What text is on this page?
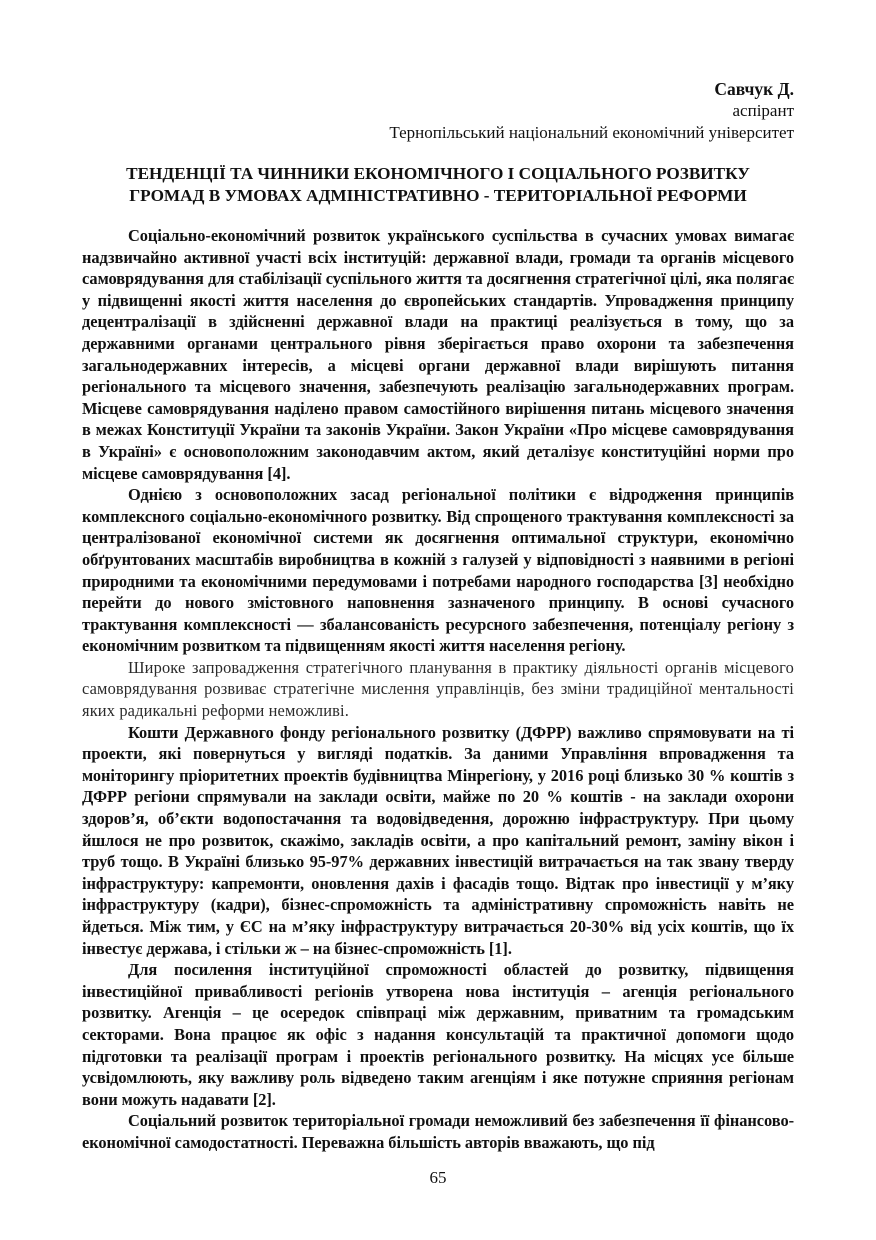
Савчук Д.
аспірант
Тернопільський національний економічний університет
ТЕНДЕНЦІЇ ТА ЧИННИКИ ЕКОНОМІЧНОГО І СОЦІАЛЬНОГО РОЗВИТКУ
ГРОМАД В УМОВАХ АДМІНІСТРАТИВНО - ТЕРИТОРІАЛЬНОЇ РЕФОРМИ

Соціально-економічний розвиток українського суспільства в сучасних умовах вимагає надзвичайно активної участі всіх інституцій: державної влади, громади та органів місцевого самоврядування для стабілізації суспільного життя та досягнення стратегічної цілі, яка полягає у підвищенні якості життя населення до європейських стандартів. Упровадження принципу децентралізації в здійсненні державної влади на практиці реалізується в тому, що за державними органами центрального рівня зберігається право охорони та забезпечення загальнодержавних інтересів, а місцеві органи державної влади вирішують питання регіонального та місцевого значення, забезпечують реалізацію загальнодержавних програм. Місцеве самоврядування наділено правом самостійного вирішення питань місцевого значення в межах Конституції України та законів України. Закон України «Про місцеве самоврядування в Україні» є основоположним законодавчим актом, який деталізує конституційні норми про місцеве самоврядування [4].

Однією з основоположних засад регіональної політики є відродження принципів комплексного соціально-економічного розвитку. Від спрощеного трактування комплексності за централізованої економічної системи як досягнення оптимальної структури, економічно обґрунтованих масштабів виробництва в кожній з галузей у відповідності з наявними в регіоні природними та економічними передумовами і потребами народного господарства [3] необхідно перейти до нового змістовного наповнення зазначеного принципу. В основі сучасного трактування комплексності — збалансованість ресурсного забезпечення, потенціалу регіону з економічним розвитком та підвищенням якості життя населення регіону.

Широке запровадження стратегічного планування в практику діяльності органів місцевого самоврядування розвиває стратегічне мислення управлінців, без зміни традиційної ментальності яких радикальні реформи неможливі.

Кошти Державного фонду регіонального розвитку (ДФРР) важливо спрямовувати на ті проекти, які повернуться у вигляді податків. За даними Управління впровадження та моніторингу пріоритетних проектів будівництва Мінрегіону, у 2016 році близько 30 % коштів з ДФРР регіони спрямували на заклади освіти, майже по 20 % коштів - на заклади охорони здоров’я, об’єкти водопостачання та водовідведення, дорожню інфраструктуру. При цьому йшлося не про розвиток, скажімо, закладів освіти, а про капітальний ремонт, заміну вікон і труб тощо. В Україні близько 95-97% державних інвестицій витрачається на так звану тверду інфраструктуру: капремонти, оновлення дахів і фасадів тощо. Відтак про інвестиції у м’яку інфраструктуру (кадри), бізнес-спроможність та адміністративну спроможність навіть не йдеться. Між тим, у ЄС на м’яку інфраструктуру витрачається 20-30% від усіх коштів, що їх інвестує держава, і стільки ж – на бізнес-спроможність [1].

Для посилення інституційної спроможності областей до розвитку, підвищення інвестиційної привабливості регіонів утворена нова інституція – агенція регіонального розвитку. Агенція – це осередок співпраці між державним, приватним та громадським секторами. Вона працює як офіс з надання консультацій та практичної допомоги щодо підготовки та реалізації програм і проектів регіонального розвитку. На місцях усе більше усвідомлюють, яку важливу роль відведено таким агенціям і яке потужне сприяння регіонам вони можуть надавати [2].

Соціальний розвиток територіальної громади неможливий без забезпечення її фінансово-економічної самодостатності. Переважна більшість авторів вважають, що під

65
